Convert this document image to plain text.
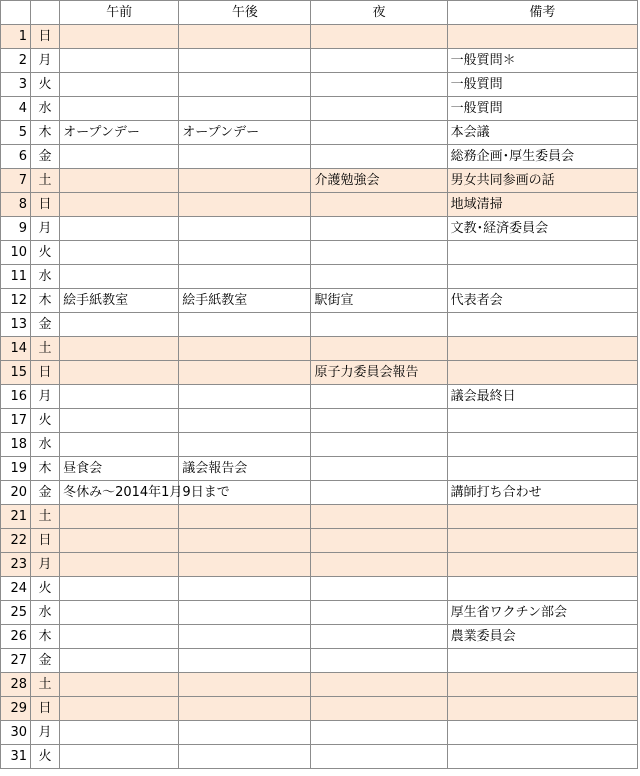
		午前	午後	夜	備考
1	日				
2	月				一般質問＊
3	火				一般質問
4	水				一般質問
5	木	オープンデー	オープンデー		本会議
6	金				総務企画･厚生委員会
7	土			介護勉強会	男女共同参画の話
8	日				地域清掃
9	月				文教･経済委員会
10	火				
11	水				
12	木	絵手紙教室	絵手紙教室	駅街宣	代表者会
13	金				
14	土				
15	日			原子力委員会報告	
16	月				議会最終日
17	火				
18	水				
19	木	昼食会	議会報告会		
20	金	冬休み～2014年1月9日まで			講師打ち合わせ
21	土				
22	日				
23	月				
24	火				
25	水				厚生省ワクチン部会
26	木				農業委員会
27	金				
28	土				
29	日				
30	月				
31	火				
